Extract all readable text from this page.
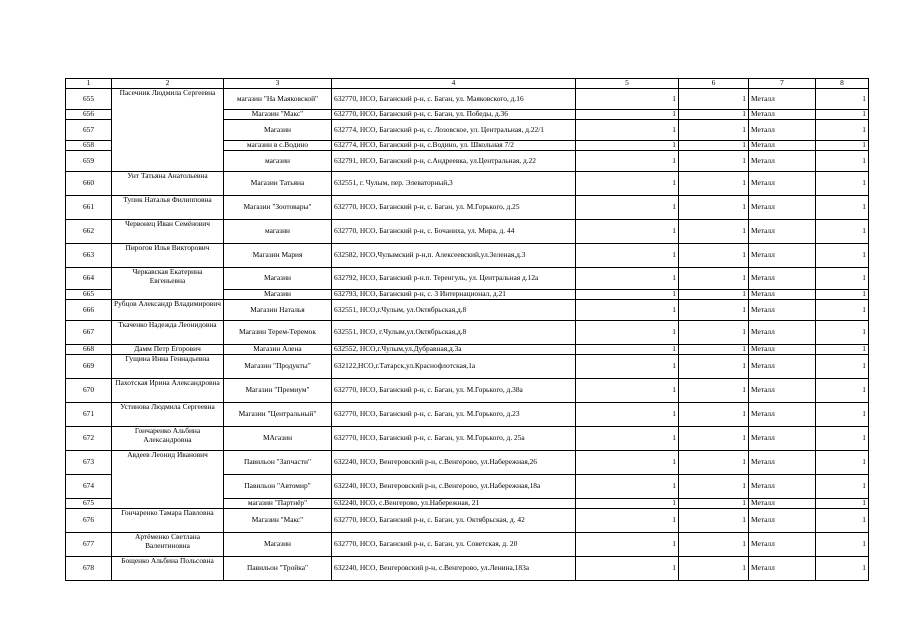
1	2	3	4	5	6	7	8
655	Пасечник Людмила Сергеевна	магазин "На Маяковской"	632770, НСО, Баганский р-н, с. Баган, ул. Маяковского, д.16	1	1	Металл	1
656		Магазин "Макс"	632770, НСО, Баганский р-н, с. Баган, ул. Победы, д.36	1	1	Металл	1
657		Магазин	632774, НСО, Баганский р-н, с. Лозовское, ул. Центральная, д.22/1	1	1	Металл	1
658		магазин в с.Водино	632774, НСО, Баганский р-н, с.Водино, ул. Школьная 7/2	1	1	Металл	1
659		магазин	632791, НСО, Баганский р-н, с.Андреевка, ул.Центральная, д.22	1	1	Металл	1
660	Унт Татьяна Анатольевна	Магазин Татьяна	632551, г. Чулым, пер. Элеваторный,3	1	1	Металл	1
661	Тупик Наталья Филипповна	Магазин "Зоотовары"	632770, НСО, Баганский р-н, с. Баган, ул. М.Горького, д.25	1	1	Металл	1
662	Червонец Иван Семёнович	магазин	632770, НСО, Баганский р-н, с. Бочаниха, ул. Мира, д. 44	1	1	Металл	1
663	Пирогов Илья Викторович	Магазин Мария	632582, НСО,Чулымский р-н,п. Алексеевский,ул.Зеленая,д.3	1	1	Металл	1
664	Черкавская Екатерина Евгеньевна	Магазин	632792, НСО, Баганский р-н.п. Теренгуль, ул. Центральная д.12а	1	1	Металл	1
665		Магазин	632793, НСО, Баганский р-н, с. 3 Интернационал, д.21	1	1	Металл	1
666	Рубцов Александр Владимирович	Магазин Наталья	632551, НСО,г.Чулым, ул.Октябрьская,д.8	1	1	Металл	1
667	Ткаченко Надежда Леонидовна	Магазин Терем-Теремок	632551, НСО, г.Чулым,ул.Октябрьская,д.8	1	1	Металл	1
668	Дамм Петр Егорович	Магазин Алена	632552, НСО,г.Чулым,ул.Дубравная,д.3а	1	1	Металл	1
669	Гущина Инна Геннадьевна	Магазин "Продукты"	632122,НСО,г.Татарск,ул.Краснофлотская,1а	1	1	Металл	1
670	Пахотская Ирина Александровна	Магазин "Премиум"	632770, НСО, Баганский р-н, с. Баган, ул. М.Горького, д.38а	1	1	Металл	1
671	Устинова Людмила Сергеевна	Магазин "Центральный"	632770, НСО, Баганский р-н, с. Баган, ул. М.Горького, д.23	1	1	Металл	1
672	Гончаренко Альбина Александровна	МАгазин	632770, НСО, Баганский р-н, с. Баган, ул. М.Горького, д. 25а	1	1	Металл	1
673	Авдеев Леонид Иванович	Павильон "Запчасти"	632240, НСО, Венгеровский р-н, с.Венгерово, ул.Набережная,26	1	1	Металл	1
674		Павильон "Автомир"	632240, НСО, Венгеровский р-н, с.Венгерово, ул.Набережная,18а	1	1	Металл	1
675		магазин "Партнёр"	632240, НСО, с.Венгерово, ул.Набережная, 21	1	1	Металл	1
676	Гончаренко Тамара Павловна	Магазин "Макс"	632770, НСО, Баганский р-н, с. Баган, ул. Октябрьская, д. 42	1	1	Металл	1
677	Артёменко Светлана Валентиновна	Магазин	632770, НСО, Баганский р-н, с. Баган, ул. Советская, д. 20	1	1	Металл	1
678	Бощенко Альбина Польсовна	Павильон "Тройка"	632240, НСО, Венгеровский р-н, с.Венгерово, ул.Ленина,183а	1	1	Металл	1
